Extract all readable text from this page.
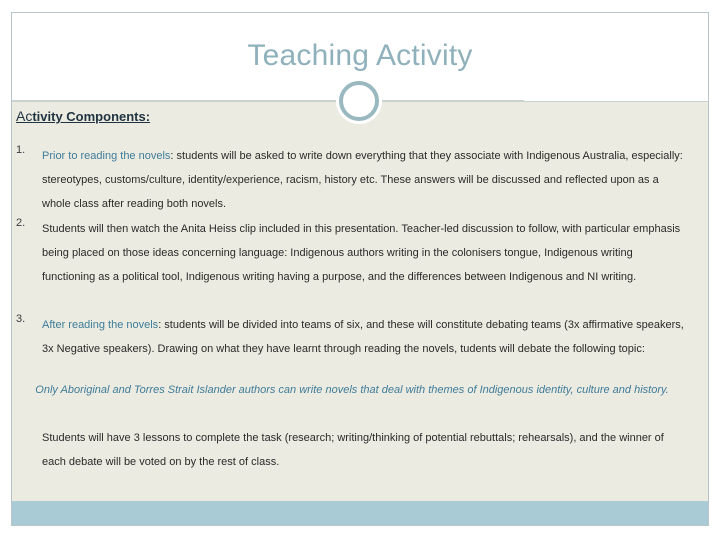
Teaching Activity
Activity Components:
1. Prior to reading the novels: students will be asked to write down everything that they associate with Indigenous Australia, especially: stereotypes, customs/culture, identity/experience, racism, history etc. These answers will be discussed and reflected upon as a whole class after reading both novels.
2. Students will then watch the Anita Heiss clip included in this presentation. Teacher-led discussion to follow, with particular emphasis being placed on those ideas concerning language: Indigenous authors writing in the colonisers tongue, Indigenous writing functioning as a political tool, Indigenous writing having a purpose, and the differences between Indigenous and NI writing.
3. After reading the novels: students will be divided into teams of six, and these will constitute debating teams (3x affirmative speakers, 3x Negative speakers). Drawing on what they have learnt through reading the novels, tudents will debate the following topic:
Only Aboriginal and Torres Strait Islander authors can write novels that deal with themes of Indigenous identity, culture and history.
Students will have 3 lessons to complete the task (research; writing/thinking of potential rebuttals; rehearsals), and the winner of each debate will be voted on by the rest of class.
